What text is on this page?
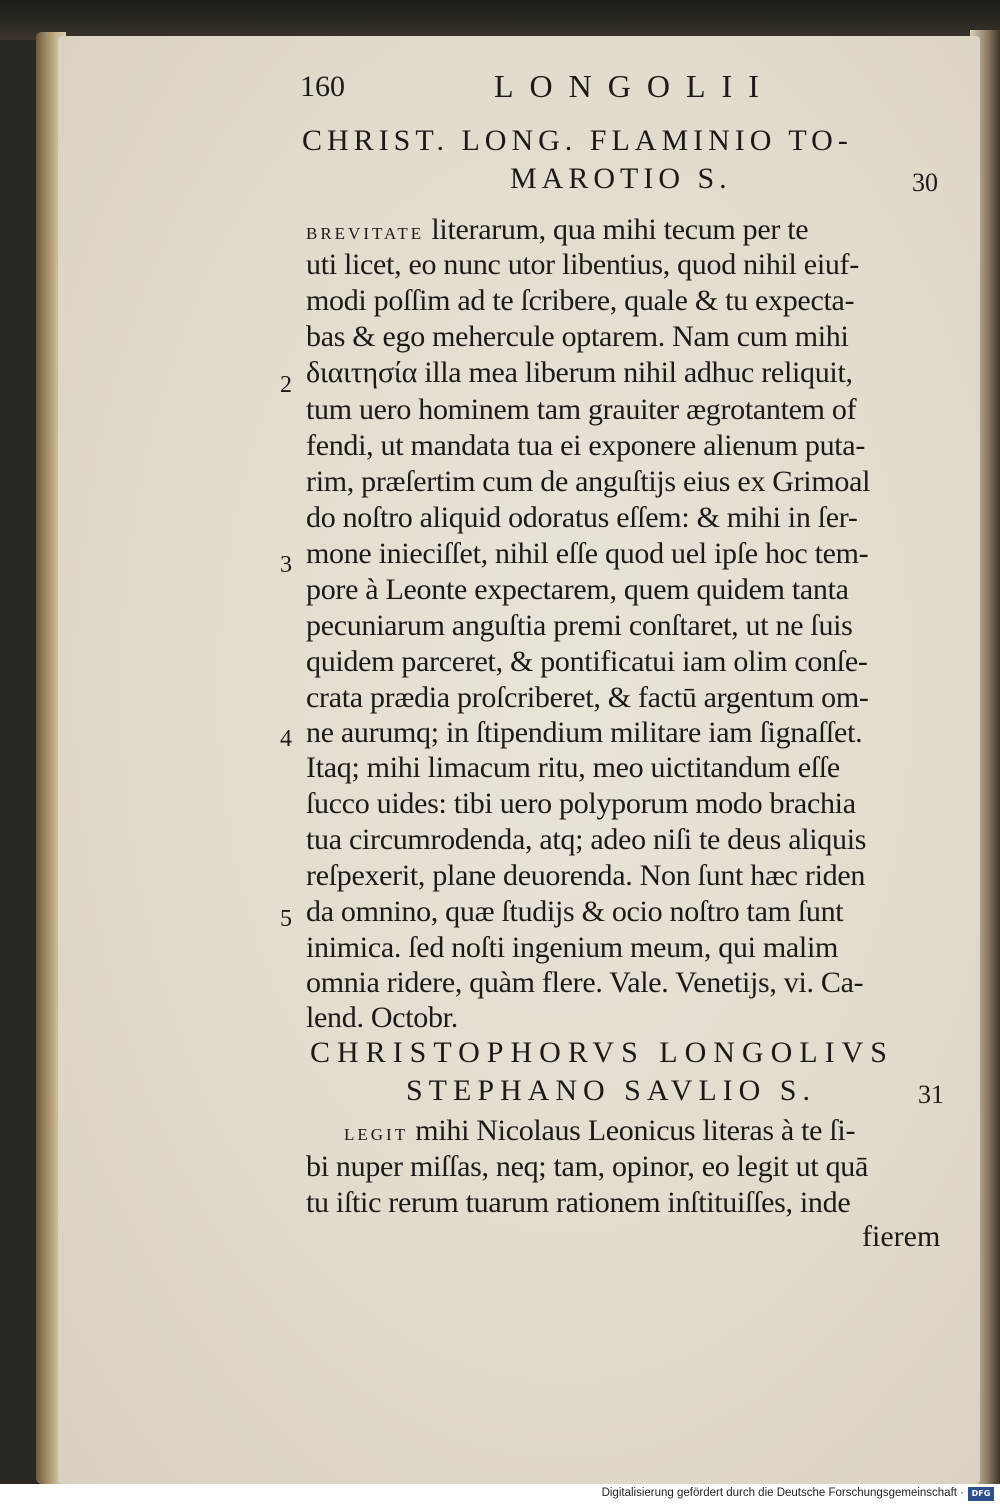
160	LONGOLII
CHRIST. LONG. FLAMINIO TO-
MAROTIO S.	30
BREVITATE literarum, qua mihi tecum per te
uti licet, eo nunc utor libentius, quod nihil eiuf-
modi poſſim ad te ſcribere, quale & tu expecta-
bas & ego mehercule optarem. Nam cum mihi
διαιτησία illa mea liberum nihil adhuc reliquit,
tum uero hominem tam grauiter ægrotantem of
fendi, ut mandata tua ei exponere alienum puta-
rim, præſertim cum de anguſtijs eius ex Grimoal
do noſtro aliquid odoratus eſſem: & mihi in ſer-
mone inieciſſet, nihil eſſe quod uel ipſe hoc tem-
pore à Leonte expectarem, quem quidem tanta
pecuniarum anguſtia premi conſtaret, ut ne ſuis
quidem parceret, & pontificatui iam olim conſe-
crata prædia proſcriberet, & factū argentum om-
ne aurumq; in ſtipendium militare iam ſignaſſet.
Itaq; mihi limacum ritu, meo uictitandum eſſe
ſucco uides: tibi uero polyporum modo brachia
tua circumrodenda, atq; adeo niſi te deus aliquis
reſpexerit, plane deuorenda. Non ſunt hæc riden
da omnino, quæ ſtudijs & ocio noſtro tam ſunt
inimica. ſed noſti ingenium meum, qui malim
omnia ridere, quàm flere. Vale. Venetijs, vi. Ca-
lend. Octobr.
2
3
4
5
CHRISTOPHORVS LONGOLIVS
STEPHANO SAVLIO S.	31
LEGIT mihi Nicolaus Leonicus literas à te ſi-
bi nuper miſſas, neq; tam, opinor, eo legit ut quā
tu iſtic rerum tuarum rationem inſtituiſſes, inde
fierem
Digitalisierung gefördert durch die Deutsche Forschungsgemeinschaft · DFG
